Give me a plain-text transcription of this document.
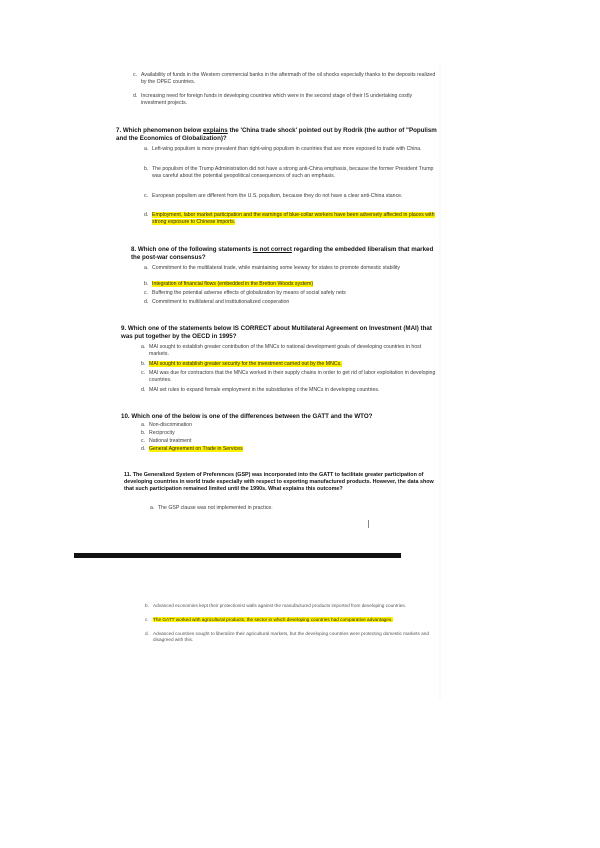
c. Availability of funds in the Western commercial banks in the aftermath of the oil shocks especially thanks to the deposits realized by the OPEC countries.
d. Increasing need for foreign funds in developing countries which were in the second stage of their IS undertaking costly investment projects.
7. Which phenomenon below explains the 'China trade shock' pointed out by Rodrik (the author of "Populism and the Economics of Globalization)?
a. Left-wing populism is more prevalent than right-wing populism in countries that are more exposed to trade with China.
b. The populism of the Trump Administration did not have a strong anti-China emphasis, because the former President Trump was careful about the potential geopolitical consequences of such an emphasis.
c. European populism are different from the U.S. populism, because they do not have a clear anti-China stance.
d. Employment, labor market participation and the earnings of blue-collar workers have been adversely affected in places with strong exposure to Chinese imports.
8. Which one of the following statements is not correct regarding the embedded liberalism that marked the post-war consensus?
a. Commitment to the multilateral trade, while maintaining some leeway for states to promote domestic stability
b. Integration of financial flows (embedded in the Bretton Woods system)
c. Buffering the potential adverse effects of globalization by means of social safety nets
d. Commitment to multilateral and institutionalized cooperation
9. Which one of the statements below IS CORRECT about Multilateral Agreement on Investment (MAI) that was put together by the OECD in 1995?
a. MAI sought to establish greater contribution of the MNCs to national development goals of developing countries in host markets.
b. MAI sought to establish greater security for the investment carried out by the MNCs.
c. MAI was due for contractors that the MNCs worked in their supply chains in order to get rid of labor exploitation in developing countries.
d. MAI set rules to expand female employment in the subsidiaries of the MNCs in developing countries.
10. Which one of the below is one of the differences between the GATT and the WTO?
a. Non-discrimination
b. Reciprocity
c. National treatment
d. General Agreement on Trade in Services
11. The Generalized System of Preferences (GSP) was incorporated into the GATT to facilitate greater participation of developing countries in world trade especially with respect to exporting manufactured products. However, the data show that such participation remained limited until the 1990s. What explains this outcome?
a. The GSP clause was not implemented in practice.
b. Advanced economies kept their protectionist walls against the manufactured products imported from developing countries.
c. The GATT worked with agricultural products, the sector in which developing countries had comparative advantages.
d. Advanced countries sought to liberalize their agricultural markets, but the developing countries were protecting domestic markets and disagreed with this.
